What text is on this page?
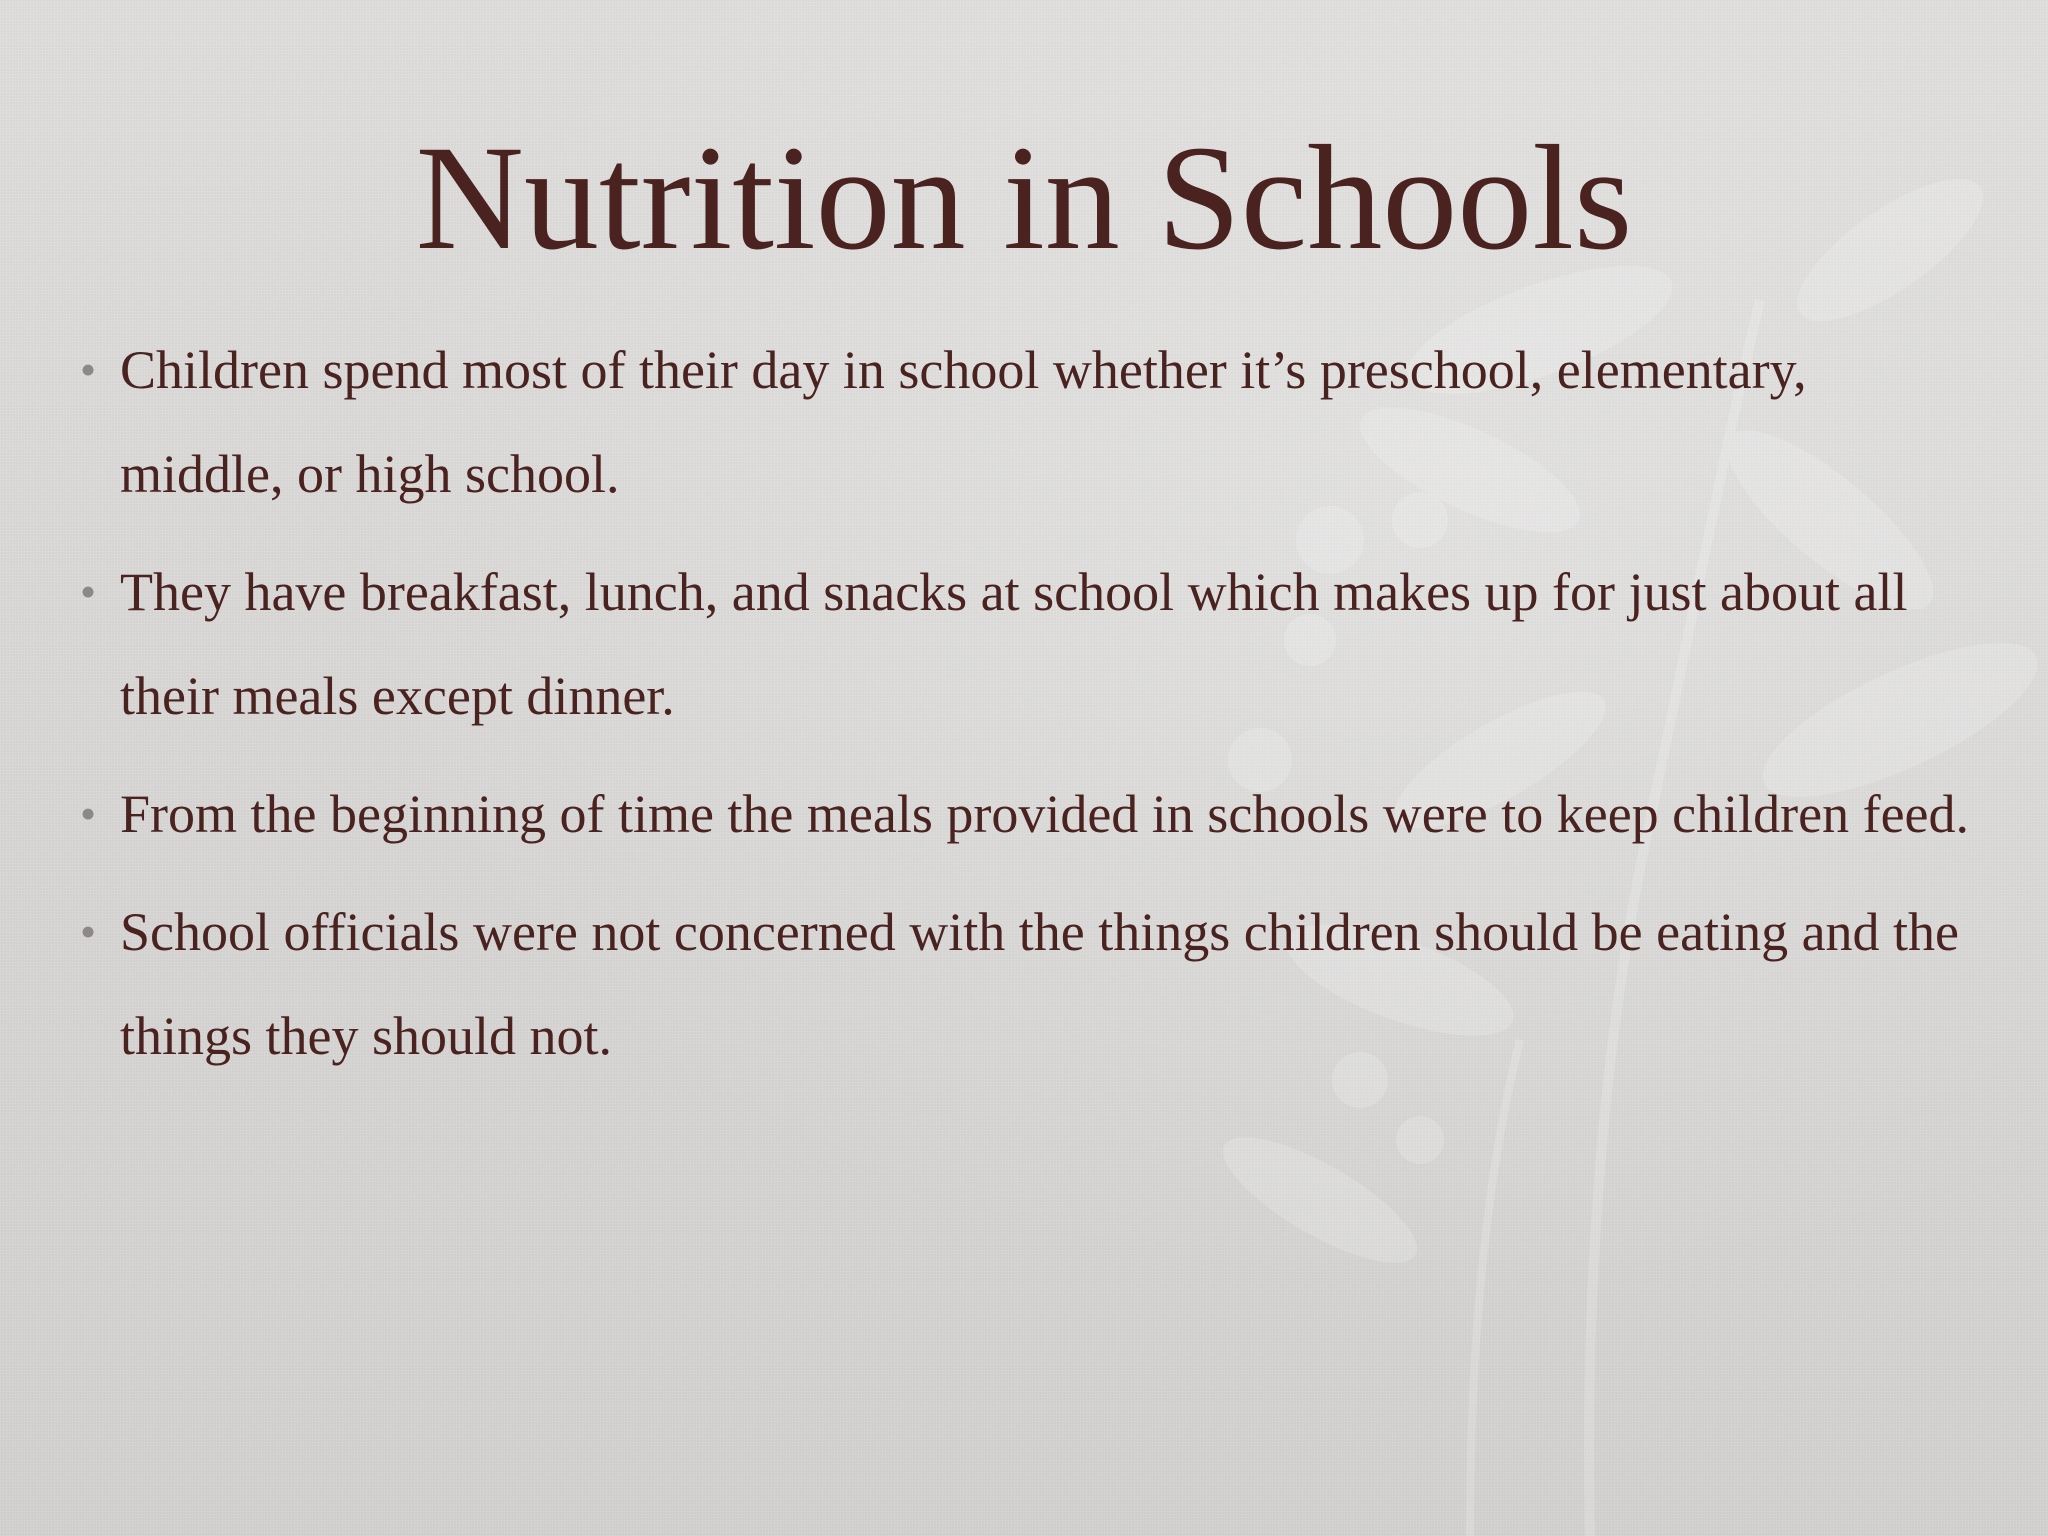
Nutrition in Schools
• Children spend most of their day in school whether it’s preschool, elementary, middle, or high school.
• They have breakfast, lunch, and snacks at school which makes up for just about all their meals except dinner.
• From the beginning of time the meals provided in schools were to keep children feed.
• School officials were not concerned with the things children should be eating and the things they should not.
